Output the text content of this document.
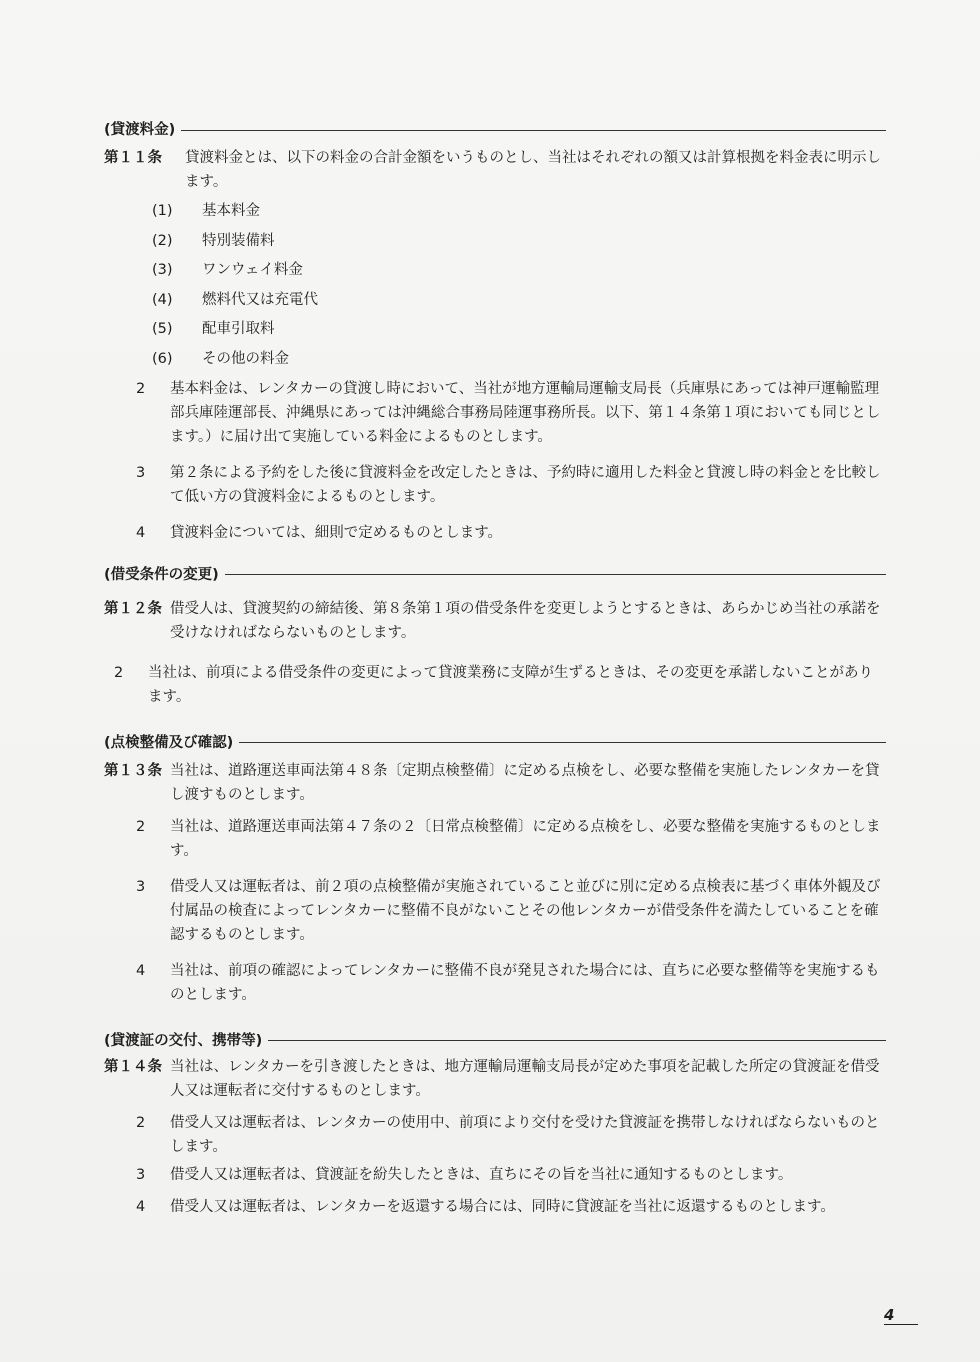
(貸渡料金)

第１１条 貸渡料金とは、以下の料金の合計金額をいうものとし、当社はそれぞれの額又は計算根拠を料金表に明示します。

(1)	基本料金
(2)	特別装備料
(3)	ワンウェイ料金
(4)	燃料代又は充電代
(5)	配車引取料
(6)	その他の料金

2 基本料金は、レンタカーの貸渡し時において、当社が地方運輸局運輸支局長（兵庫県にあっては神戸運輸監理部兵庫陸運部長、沖縄県にあっては沖縄総合事務局陸運事務所長。以下、第１４条第１項においても同じとします。）に届け出て実施している料金によるものとします。

3 第２条による予約をした後に貸渡料金を改定したときは、予約時に適用した料金と貸渡し時の料金とを比較して低い方の貸渡料金によるものとします。

4 貸渡料金については、細則で定めるものとします。

(借受条件の変更)

第１２条 借受人は、貸渡契約の締結後、第８条第１項の借受条件を変更しようとするときは、あらかじめ当社の承諾を受けなければならないものとします。

2 当社は、前項による借受条件の変更によって貸渡業務に支障が生ずるときは、その変更を承諾しないことがあります。

(点検整備及び確認)

第１３条 当社は、道路運送車両法第４８条〔定期点検整備〕に定める点検をし、必要な整備を実施したレンタカーを貸し渡すものとします。

2 当社は、道路運送車両法第４７条の２〔日常点検整備〕に定める点検をし、必要な整備を実施するものとします。

3 借受人又は運転者は、前２項の点検整備が実施されていること並びに別に定める点検表に基づく車体外観及び付属品の検査によってレンタカーに整備不良がないことその他レンタカーが借受条件を満たしていることを確認するものとします。

4 当社は、前項の確認によってレンタカーに整備不良が発見された場合には、直ちに必要な整備等を実施するものとします。

(貸渡証の交付、携帯等)

第１４条 当社は、レンタカーを引き渡したときは、地方運輸局運輸支局長が定めた事項を記載した所定の貸渡証を借受人又は運転者に交付するものとします。

2 借受人又は運転者は、レンタカーの使用中、前項により交付を受けた貸渡証を携帯しなければならないものとします。

3 借受人又は運転者は、貸渡証を紛失したときは、直ちにその旨を当社に通知するものとします。

4 借受人又は運転者は、レンタカーを返還する場合には、同時に貸渡証を当社に返還するものとします。

4
